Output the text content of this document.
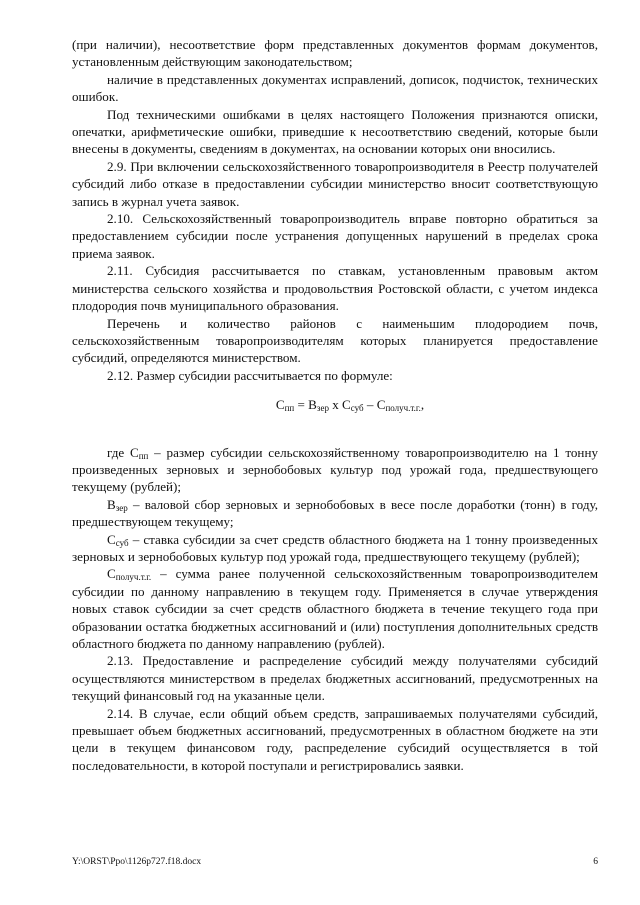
(при наличии), несоответствие форм представленных документов формам документов, установленным действующим законодательством;

наличие в представленных документах исправлений, дописок, подчисток, технических ошибок.

Под техническими ошибками в целях настоящего Положения признаются описки, опечатки, арифметические ошибки, приведшие к несоответствию сведений, которые были внесены в документы, сведениям в документах, на основании которых они вносились.

2.9. При включении сельскохозяйственного товаропроизводителя в Реестр получателей субсидий либо отказе в предоставлении субсидии министерство вносит соответствующую запись в журнал учета заявок.

2.10. Сельскохозяйственный товаропроизводитель вправе повторно обратиться за предоставлением субсидии после устранения допущенных нарушений в пределах срока приема заявок.

2.11. Субсидия рассчитывается по ставкам, установленным правовым актом министерства сельского хозяйства и продовольствия Ростовской области, с учетом индекса плодородия почв муниципального образования.

Перечень и количество районов с наименьшим плодородием почв, сельскохозяйственным товаропроизводителям которых планируется предоставление субсидий, определяются министерством.

2.12. Размер субсидии рассчитывается по формуле:

$С_{пп} = В_{зер}$ х $С_{суб} - С_{получ.т.г.}$,

где $С_{пп}$ – размер субсидии сельскохозяйственному товаропроизводителю на 1 тонну произведенных зерновых и зернобобовых культур под урожай года, предшествующего текущему (рублей);

$В_{зер}$ – валовой сбор зерновых и зернобобовых в весе после доработки (тонн) в году, предшествующем текущему;

$С_{суб}$ – ставка субсидии за счет средств областного бюджета на 1 тонну произведенных зерновых и зернобобовых культур под урожай года, предшествующего текущему (рублей);

$С_{получ.т.г.}$ – сумма ранее полученной сельскохозяйственным товаропроизводителем субсидии по данному направлению в текущем году. Применяется в случае утверждения новых ставок субсидии за счет средств областного бюджета в течение текущего года при образовании остатка бюджетных ассигнований и (или) поступления дополнительных средств областного бюджета по данному направлению (рублей).

2.13. Предоставление и распределение субсидий между получателями субсидий осуществляются министерством в пределах бюджетных ассигнований, предусмотренных на текущий финансовый год на указанные цели.

2.14. В случае, если общий объем средств, запрашиваемых получателями субсидий, превышает объем бюджетных ассигнований, предусмотренных в областном бюджете на эти цели в текущем финансовом году, распределение субсидий осуществляется в той последовательности, в которой поступали и регистрировались заявки.

Y:\ORST\Ppo\1126p727.f18.docx	6
